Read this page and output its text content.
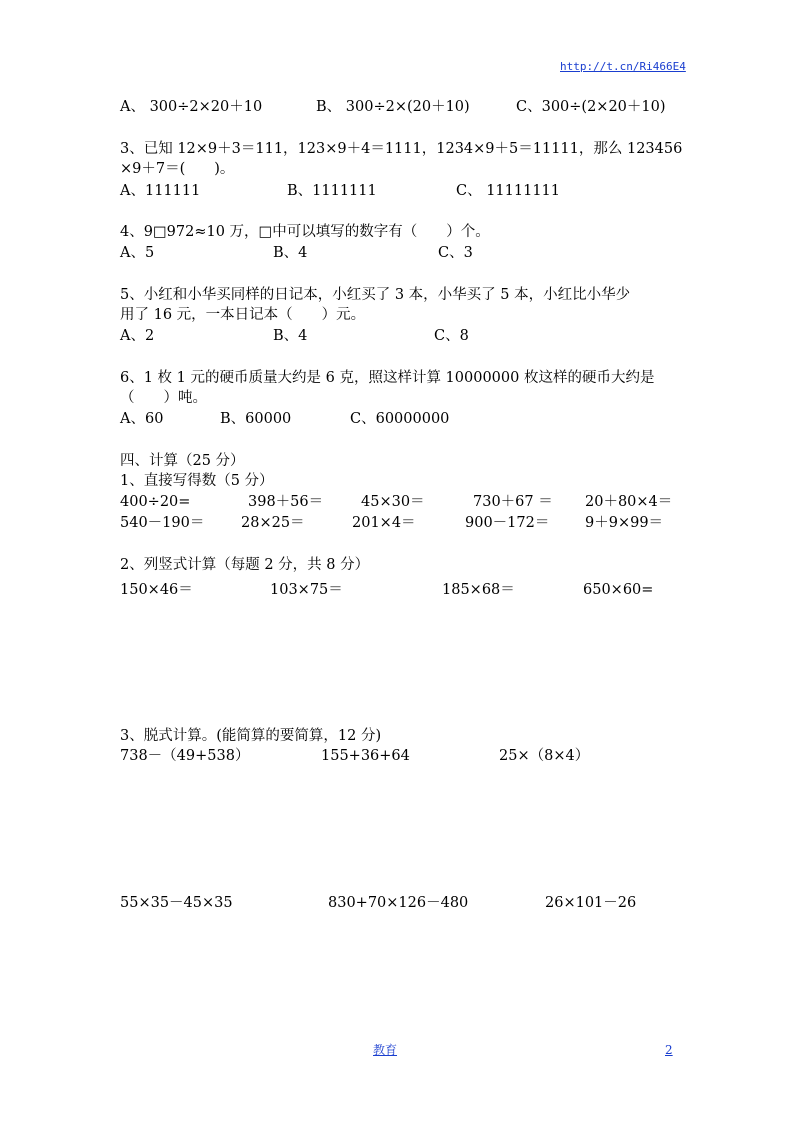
http://t.cn/Ri466E4
A、 300÷2×20＋10	B、 300÷2×(20＋10)	C、300÷(2×20＋10)
3、已知 12×9＋3＝111，123×9＋4＝1111，1234×9＋5＝11111，那么 123456
×9＋7＝(　　)。
A、111111	B、1111111	C、 11111111
4、9□972≈10 万，□中可以填写的数字有（　　）个。
A、5	B、4	C、3
5、小红和小华买同样的日记本，小红买了 3 本，小华买了 5 本，小红比小华少
用了 16 元，一本日记本（　　）元。
A、2	B、4	C、8
6、1 枚 1 元的硬币质量大约是 6 克，照这样计算 10000000 枚这样的硬币大约是
（　　）吨。
A、60	B、60000	C、60000000
四、计算（25 分）
1、直接写得数（5 分）
400÷20=	398＋56＝	45×30＝	730＋67 ＝ 20＋80×4＝
540－190＝	28×25＝	201×4＝	900－172＝ 9＋9×99＝
2、列竖式计算（每题 2 分，共 8 分）
150×46＝	103×75＝	185×68＝	650×60=
3、脱式计算。(能简算的要简算，12 分)
738－（49+538）	155+36+64	25×（8×4）
55×35－45×35	830+70×126－480	26×101－26
教育	2
